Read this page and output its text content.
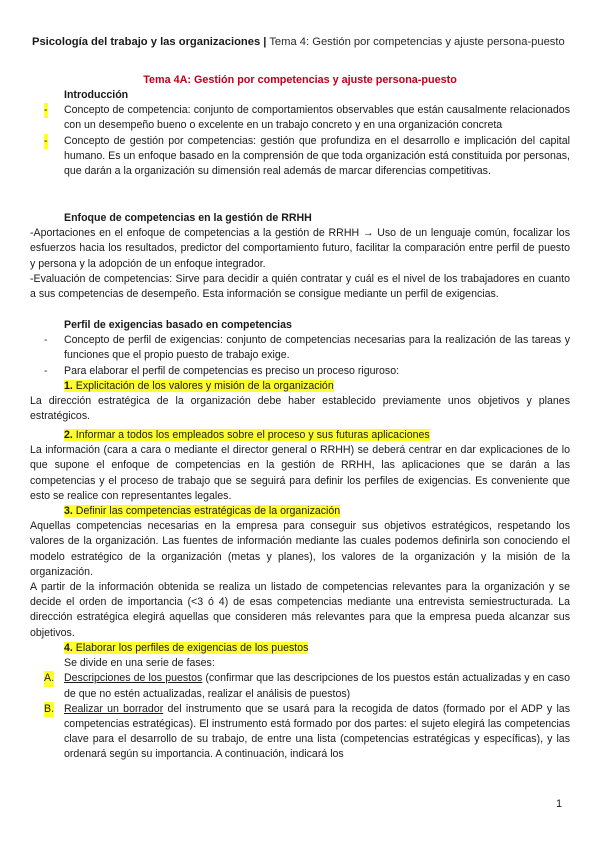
Psicología del trabajo y las organizaciones | Tema 4: Gestión por competencias y ajuste persona-puesto
Tema 4A: Gestión por competencias y ajuste persona-puesto

Introducción

- Concepto de competencia: conjunto de comportamientos observables que están causalmente relacionados con un desempeño bueno o excelente en un trabajo concreto y en una organización concreta
- Concepto de gestión por competencias: gestión que profundiza en el desarrollo e implicación del capital humano. Es un enfoque basado en la comprensión de que toda organización está constituida por personas, que darán a la organización su dimensión real además de marcar diferencias competitivas.

Enfoque de competencias en la gestión de RRHH

-Aportaciones en el enfoque de competencias a la gestión de RRHH → Uso de un lenguaje común, focalizar los esfuerzos hacia los resultados, predictor del comportamiento futuro, facilitar la comparación entre perfil de puesto y persona y la adopción de un enfoque integrador.

-Evaluación de competencias: Sirve para decidir a quién contratar y cuál es el nivel de los trabajadores en cuanto a sus competencias de desempeño. Esta información se consigue mediante un perfil de exigencias.

Perfil de exigencias basado en competencias

- Concepto de perfil de exigencias: conjunto de competencias necesarias para la realización de las tareas y funciones que el propio puesto de trabajo exige.
- Para elaborar el perfil de competencias es preciso un proceso riguroso:

1. Explicitación de los valores y misión de la organización

La dirección estratégica de la organización debe haber establecido previamente unos objetivos y planes estratégicos.

2. Informar a todos los empleados sobre el proceso y sus futuras aplicaciones

La información (cara a cara o mediante el director general o RRHH) se deberá centrar en dar explicaciones de lo que supone el enfoque de competencias en la gestión de RRHH, las aplicaciones que se darán a las competencias y el proceso de trabajo que se seguirá para definir los perfiles de exigencias. Es conveniente que esto se realice con representantes legales.

3. Definir las competencias estratégicas de la organización

Aquellas competencias necesarias en la empresa para conseguir sus objetivos estratégicos, respetando los valores de la organización. Las fuentes de información mediante las cuales podemos definirla son conociendo el modelo estratégico de la organización (metas y planes), los valores de la organización y la misión de la organización.

A partir de la información obtenida se realiza un listado de competencias relevantes para la organización y se decide el orden de importancia (<3 ó 4) de esas competencias mediante una entrevista semiestructurada. La dirección estratégica elegirá aquellas que consideren más relevantes para que la empresa pueda alcanzar sus objetivos.

4. Elaborar los perfiles de exigencias de los puestos

Se divide en una serie de fases:

A. Descripciones de los puestos (confirmar que las descripciones de los puestos están actualizadas y en caso de que no estén actualizadas, realizar el análisis de puestos)
B. Realizar un borrador del instrumento que se usará para la recogida de datos (formado por el ADP y las competencias estratégicas). El instrumento está formado por dos partes: el sujeto elegirá las competencias clave para el desarrollo de su trabajo, de entre una lista (competencias estratégicas y específicas), y las ordenará según su importancia. A continuación, indicará los
1
